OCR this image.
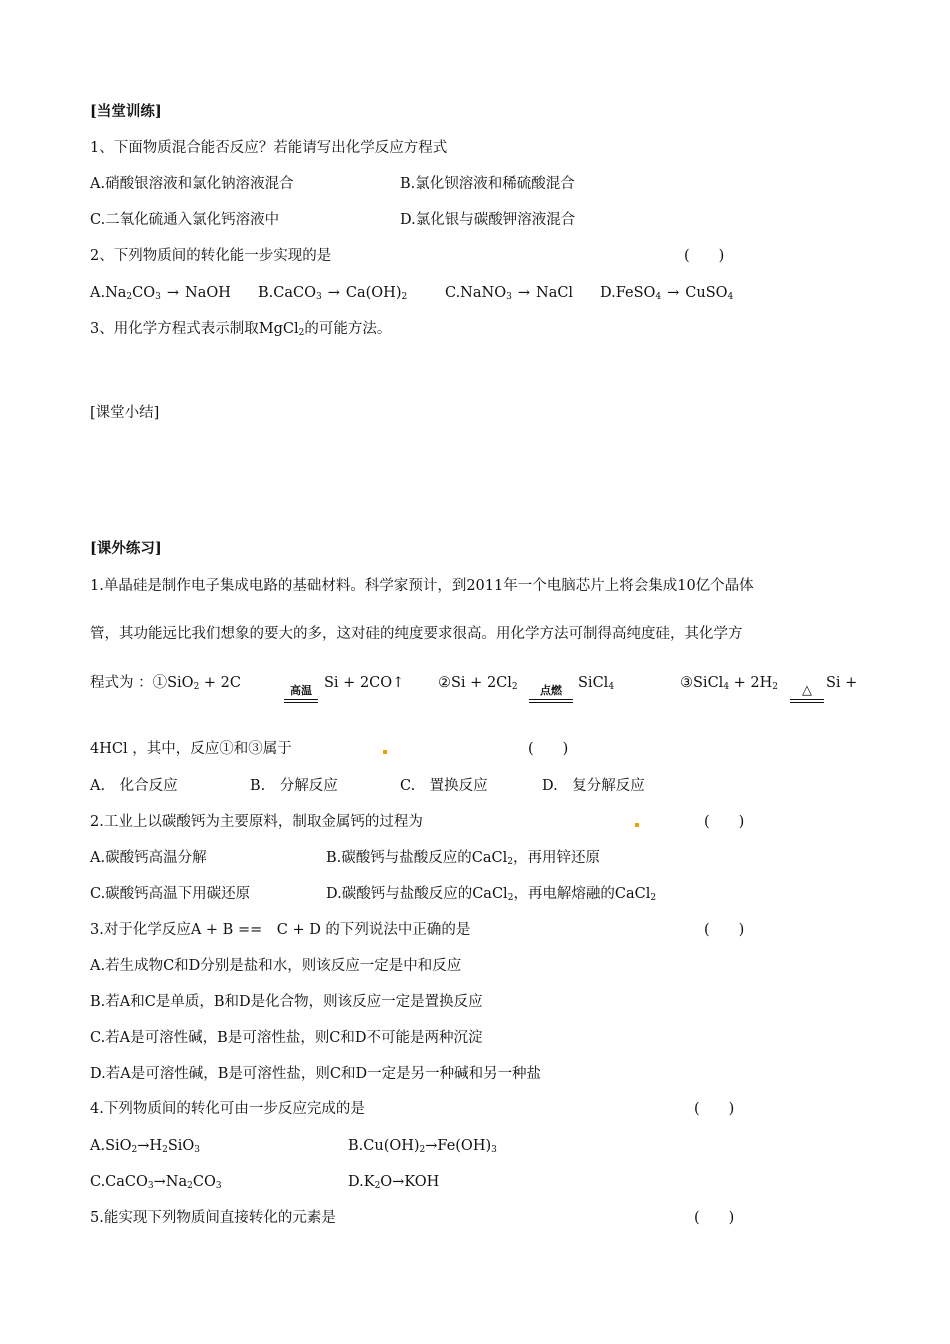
[当堂训练]
1、下面物质混合能否反应？若能请写出化学反应方程式
A.硝酸银溶液和氯化钠溶液混合	B.氯化钡溶液和稀硫酸混合
C.二氧化硫通入氯化钙溶液中	D.氯化银与碳酸钾溶液混合
2、下列物质间的转化能一步实现的是	(　　)
$A.Na_2CO_3$ → NaOH B.CaCO$_3$ → $Ca(OH)_2$	C.NaNO$_3$ → NaCl D.FeSO$_4$ → CuSO$_4$
3、用化学方程式表示制取MgCl$_2$的可能方法。
[课堂小结]
[课外练习]
1.单晶硅是制作电子集成电路的基础材料。科学家预计，到2011年一个电脑芯片上将会集成10亿个晶体
管，其功能远比我们想象的要大的多，这对硅的纯度要求很高。用化学方法可制得高纯度硅，其化学方
程式为 ：①SiO$_2$ + 2C	高温 Si + 2CO↑ ②Si + $2Cl_2$	点燃	SiCl$_4$	③SiCl$_4$ + $2H_2$	△ Si +
4HCl ，其中，反应①和③属于	(　　)
A.　化合反应	B.　分解反应	C.　置换反应	D.　复分解反应
2.工业上以碳酸钙为主要原料，制取金属钙的过程为	(　　)
A.碳酸钙高温分解	B.碳酸钙与盐酸反应的CaCl$_2$，再用锌还原
C.碳酸钙高温下用碳还原	D.碳酸钙与盐酸反应的CaCl$_2$，再电解熔融的CaCl$_2$
3.对于化学反应A + B ==　C + D 的下列说法中正确的是	(　　)
A.若生成物C和D分别是盐和水，则该反应一定是中和反应
B.若A和C是单质，B和D是化合物，则该反应一定是置换反应
C.若A是可溶性碱，B是可溶性盐，则C和D不可能是两种沉淀
D.若A是可溶性碱，B是可溶性盐，则C和D一定是另一种碱和另一种盐
4.下列物质间的转化可由一步反应完成的是	(　　)
$A.SiO_2\to H_2SiO_3$	$B.Cu(OH)_2\to Fe(OH)_3$
$C.CaCO_3\to Na_2CO_3$	$D.K_2O\to KOH$
5.能实现下列物质间直接转化的元素是	(　　)
